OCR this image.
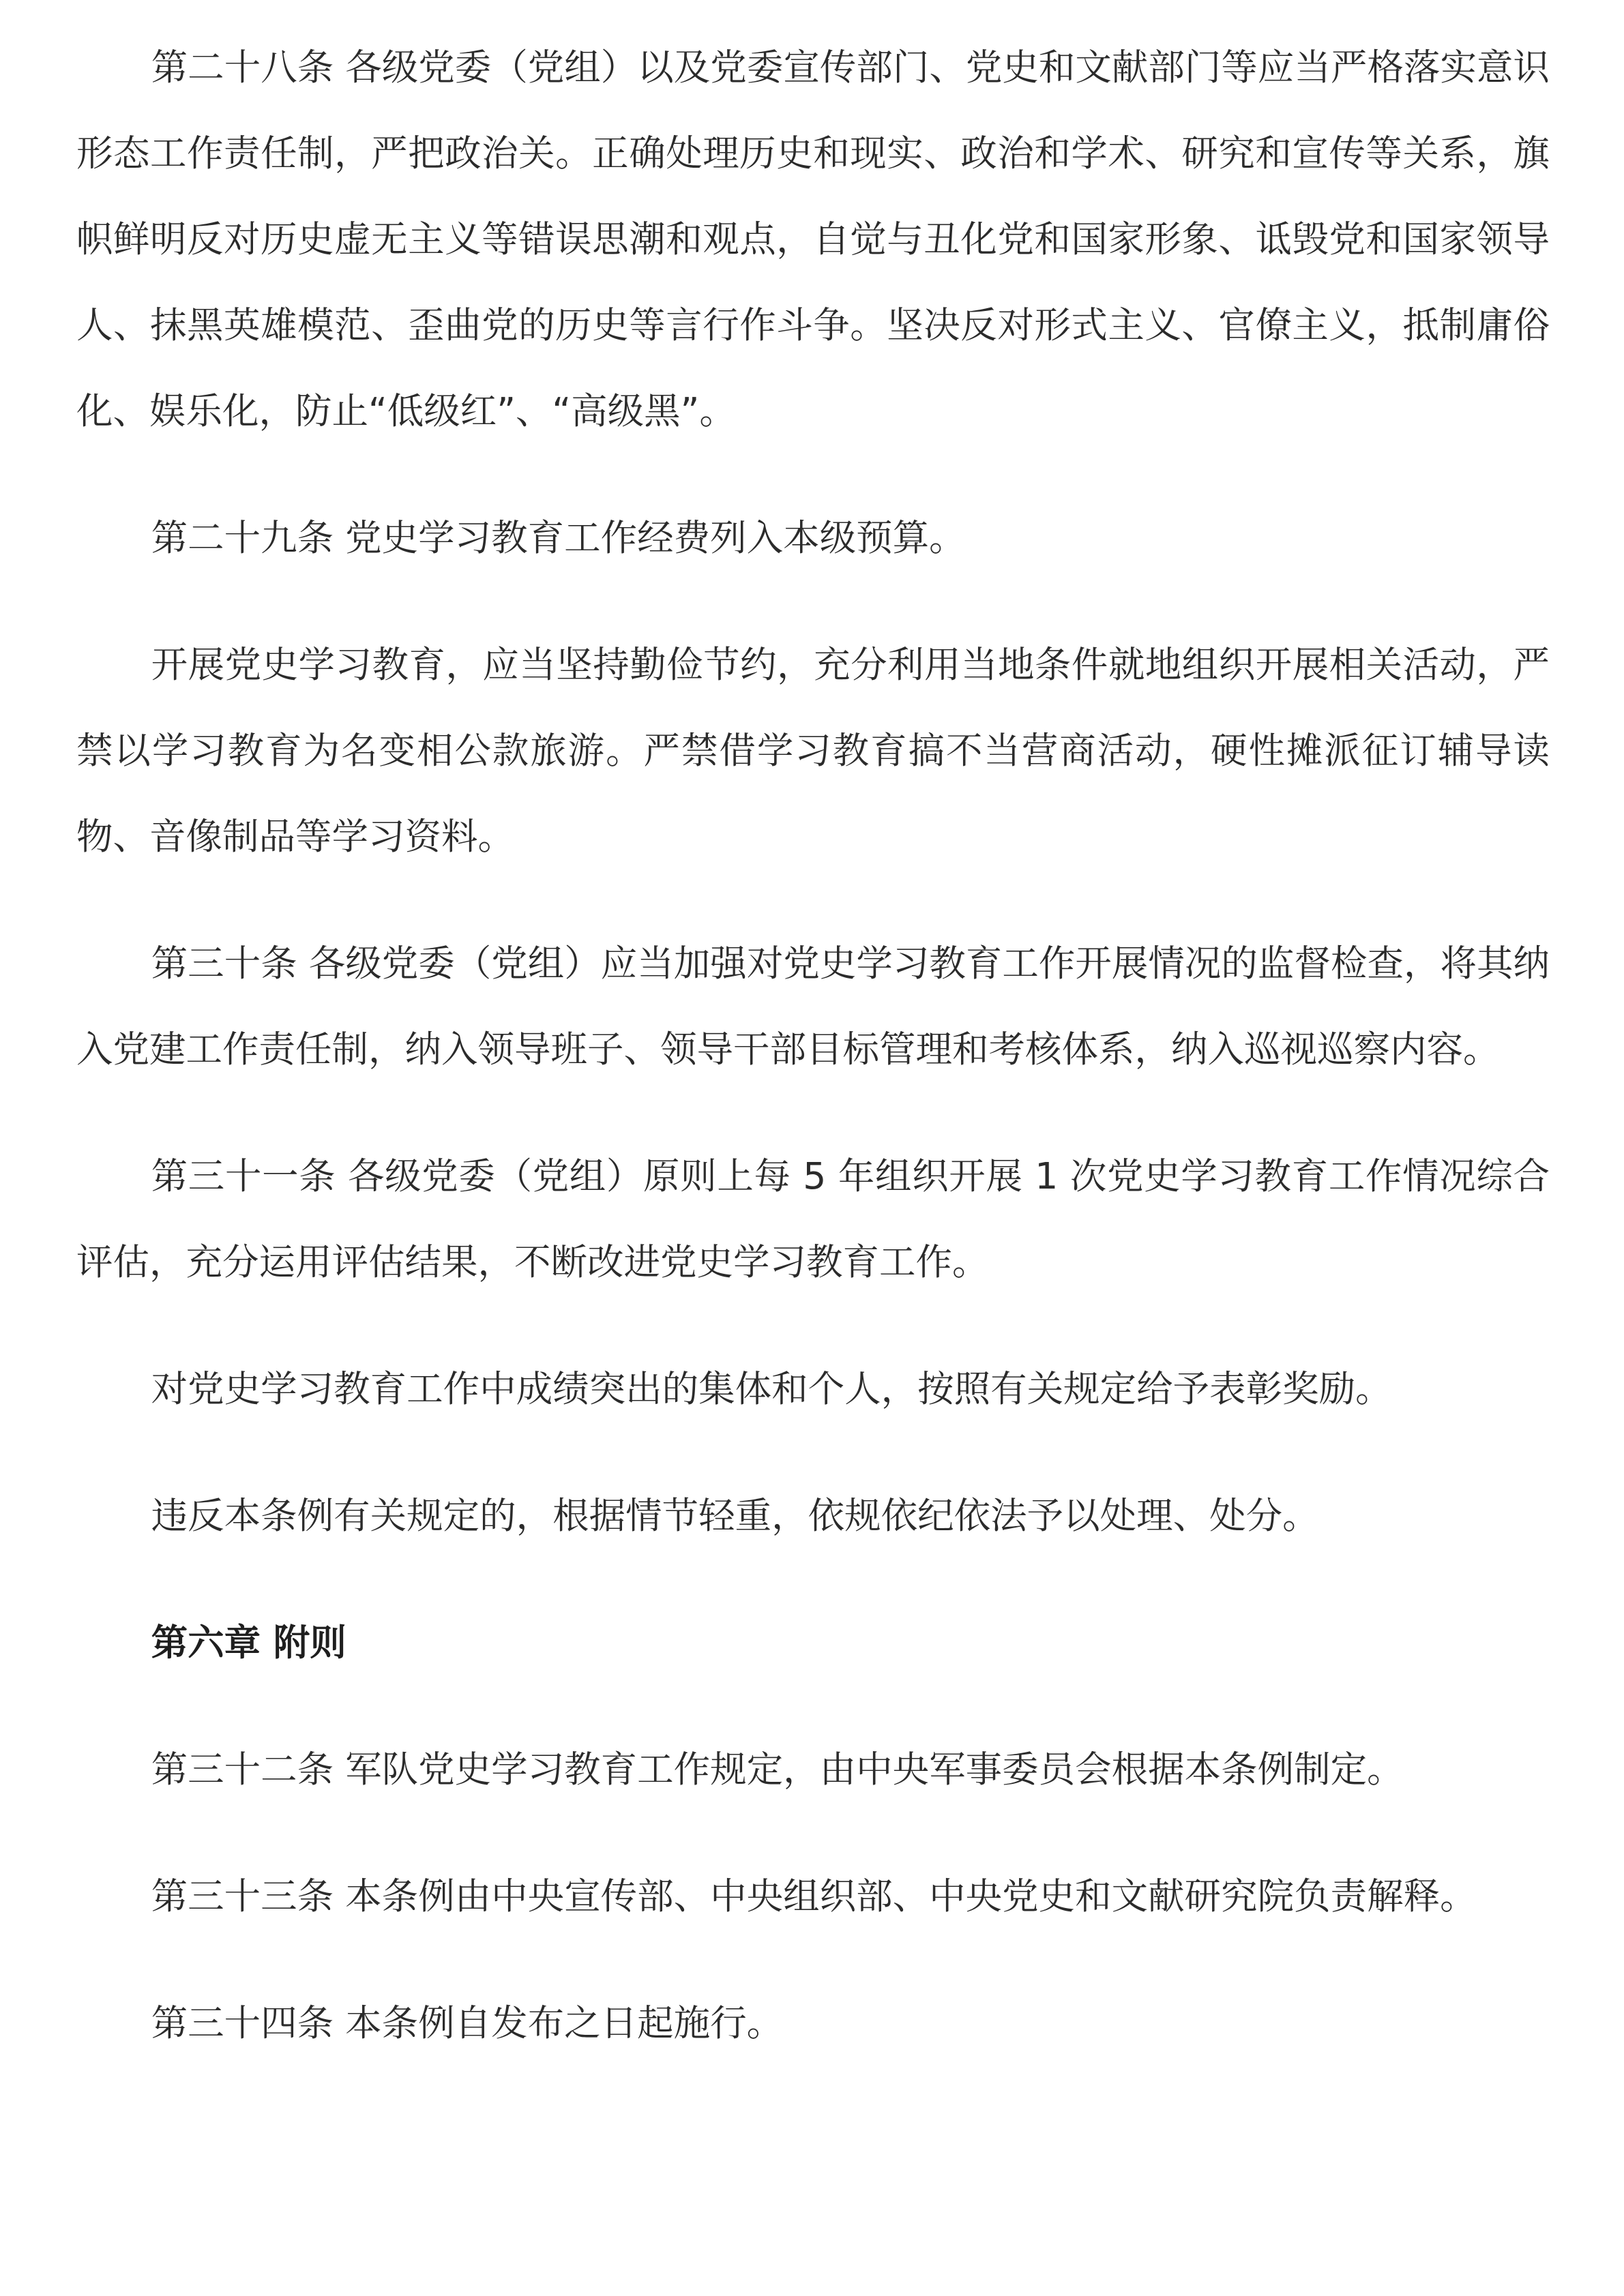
第二十八条 各级党委（党组）以及党委宣传部门、党史和文献部门等应当严格落实意识形态工作责任制，严把政治关。正确处理历史和现实、政治和学术、研究和宣传等关系，旗帜鲜明反对历史虚无主义等错误思潮和观点，自觉与丑化党和国家形象、诋毁党和国家领导人、抹黑英雄模范、歪曲党的历史等言行作斗争。坚决反对形式主义、官僚主义，抵制庸俗化、娱乐化，防止“低级红”、“高级黑”。

第二十九条 党史学习教育工作经费列入本级预算。

开展党史学习教育，应当坚持勤俭节约，充分利用当地条件就地组织开展相关活动，严禁以学习教育为名变相公款旅游。严禁借学习教育搞不当营商活动，硬性摊派征订辅导读物、音像制品等学习资料。

第三十条 各级党委（党组）应当加强对党史学习教育工作开展情况的监督检查，将其纳入党建工作责任制，纳入领导班子、领导干部目标管理和考核体系，纳入巡视巡察内容。

第三十一条 各级党委（党组）原则上每 5 年组织开展 1 次党史学习教育工作情况综合评估，充分运用评估结果，不断改进党史学习教育工作。

对党史学习教育工作中成绩突出的集体和个人，按照有关规定给予表彰奖励。

违反本条例有关规定的，根据情节轻重，依规依纪依法予以处理、处分。

第六章 附则

第三十二条 军队党史学习教育工作规定，由中央军事委员会根据本条例制定。

第三十三条 本条例由中央宣传部、中央组织部、中央党史和文献研究院负责解释。

第三十四条 本条例自发布之日起施行。
